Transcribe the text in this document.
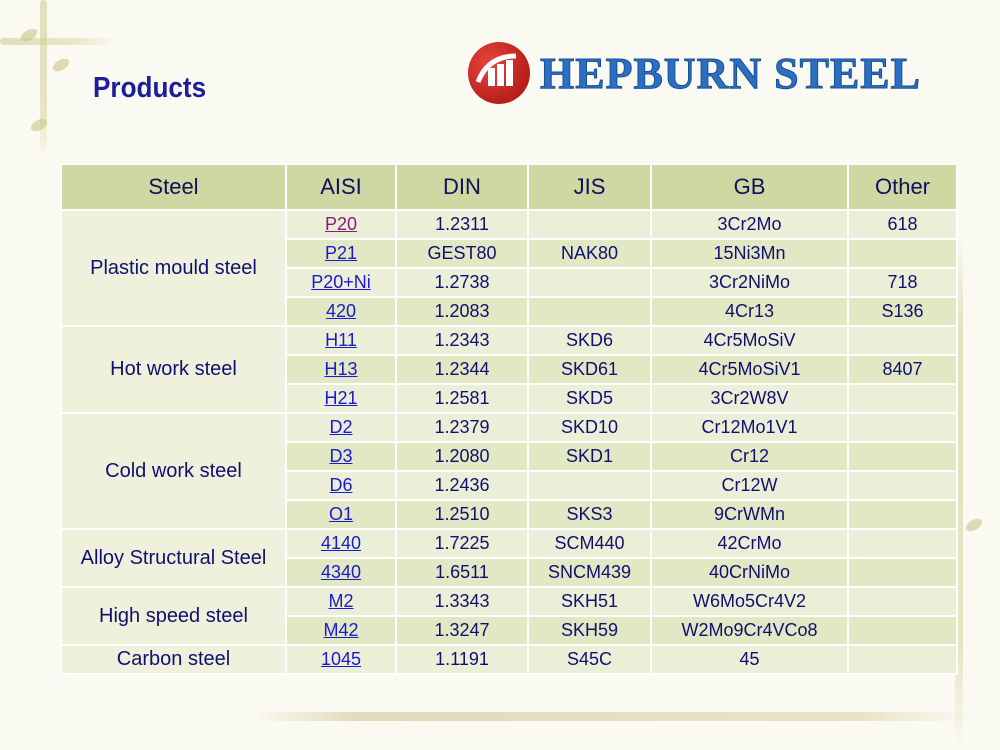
Products	HEPBURN STEEL
Steel	AISI	DIN	JIS	GB	Other
Plastic mould steel	P20	1.2311		3Cr2Mo	618
	P21	GEST80	NAK80	15Ni3Mn	
	P20+Ni	1.2738		3Cr2NiMo	718
	420	1.2083		4Cr13	S136
Hot work steel	H11	1.2343	SKD6	4Cr5MoSiV	
	H13	1.2344	SKD61	4Cr5MoSiV1	8407
	H21	1.2581	SKD5	3Cr2W8V	
Cold work steel	D2	1.2379	SKD10	Cr12Mo1V1	
	D3	1.2080	SKD1	Cr12	
	D6	1.2436		Cr12W	
	O1	1.2510	SKS3	9CrWMn	
Alloy Structural Steel	4140	1.7225	SCM440	42CrMo	
	4340	1.6511	SNCM439	40CrNiMo	
High speed steel	M2	1.3343	SKH51	W6Mo5Cr4V2	
	M42	1.3247	SKH59	W2Mo9Cr4VCo8	
Carbon steel	1045	1.1191	S45C	45	
